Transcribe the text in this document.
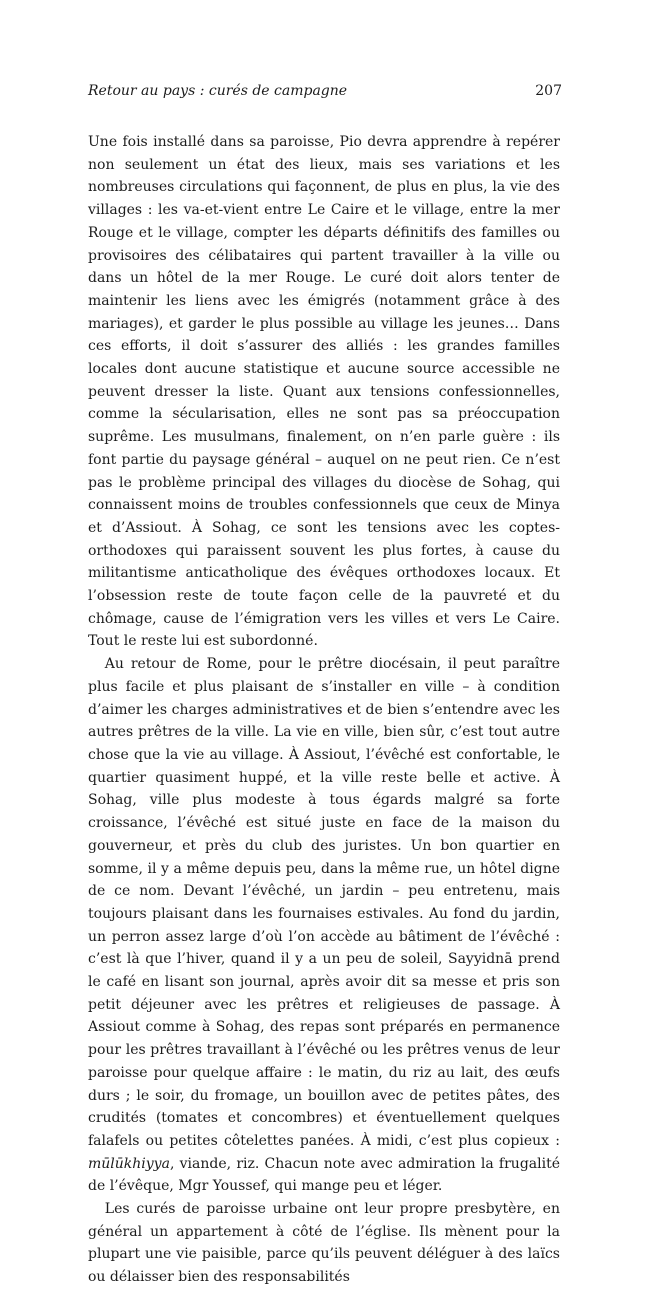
Retour au pays : curés de campagne	207

Une fois installé dans sa paroisse, Pio devra apprendre à repérer non seulement un état des lieux, mais ses variations et les nombreuses circulations qui façonnent, de plus en plus, la vie des villages : les va-et-vient entre Le Caire et le village, entre la mer Rouge et le village, compter les départs définitifs des familles ou provisoires des célibataires qui partent travailler à la ville ou dans un hôtel de la mer Rouge. Le curé doit alors tenter de maintenir les liens avec les émigrés (notamment grâce à des mariages), et garder le plus possible au village les jeunes… Dans ces efforts, il doit s’assurer des alliés : les grandes familles locales dont aucune statistique et aucune source accessible ne peuvent dresser la liste. Quant aux tensions confessionnelles, comme la sécularisation, elles ne sont pas sa préoccupation suprême. Les musulmans, finalement, on n’en parle guère : ils font partie du paysage général – auquel on ne peut rien. Ce n’est pas le problème principal des villages du diocèse de Sohag, qui connaissent moins de troubles confessionnels que ceux de Minya et d’Assiout. À Sohag, ce sont les tensions avec les coptes-orthodoxes qui paraissent souvent les plus fortes, à cause du militantisme anticatholique des évêques orthodoxes locaux. Et l’obsession reste de toute façon celle de la pauvreté et du chômage, cause de l’émigration vers les villes et vers Le Caire. Tout le reste lui est subordonné.

Au retour de Rome, pour le prêtre diocésain, il peut paraître plus facile et plus plaisant de s’installer en ville – à condition d’aimer les charges administratives et de bien s’entendre avec les autres prêtres de la ville. La vie en ville, bien sûr, c’est tout autre chose que la vie au village. À Assiout, l’évêché est confortable, le quartier quasiment huppé, et la ville reste belle et active. À Sohag, ville plus modeste à tous égards malgré sa forte croissance, l’évêché est situé juste en face de la maison du gouverneur, et près du club des juristes. Un bon quartier en somme, il y a même depuis peu, dans la même rue, un hôtel digne de ce nom. Devant l’évêché, un jardin – peu entretenu, mais toujours plaisant dans les fournaises estivales. Au fond du jardin, un perron assez large d’où l’on accède au bâtiment de l’évêché : c’est là que l’hiver, quand il y a un peu de soleil, Sayyidnā prend le café en lisant son journal, après avoir dit sa messe et pris son petit déjeuner avec les prêtres et religieuses de passage. À Assiout comme à Sohag, des repas sont préparés en permanence pour les prêtres travaillant à l’évêché ou les prêtres venus de leur paroisse pour quelque affaire : le matin, du riz au lait, des œufs durs ; le soir, du fromage, un bouillon avec de petites pâtes, des crudités (tomates et concombres) et éventuellement quelques falafels ou petites côtelettes panées. À midi, c’est plus copieux : mūlūkhiyya, viande, riz. Chacun note avec admiration la frugalité de l’évêque, Mgr Youssef, qui mange peu et léger.

Les curés de paroisse urbaine ont leur propre presbytère, en général un appartement à côté de l’église. Ils mènent pour la plupart une vie paisible, parce qu’ils peuvent déléguer à des laïcs ou délaisser bien des responsabilités
